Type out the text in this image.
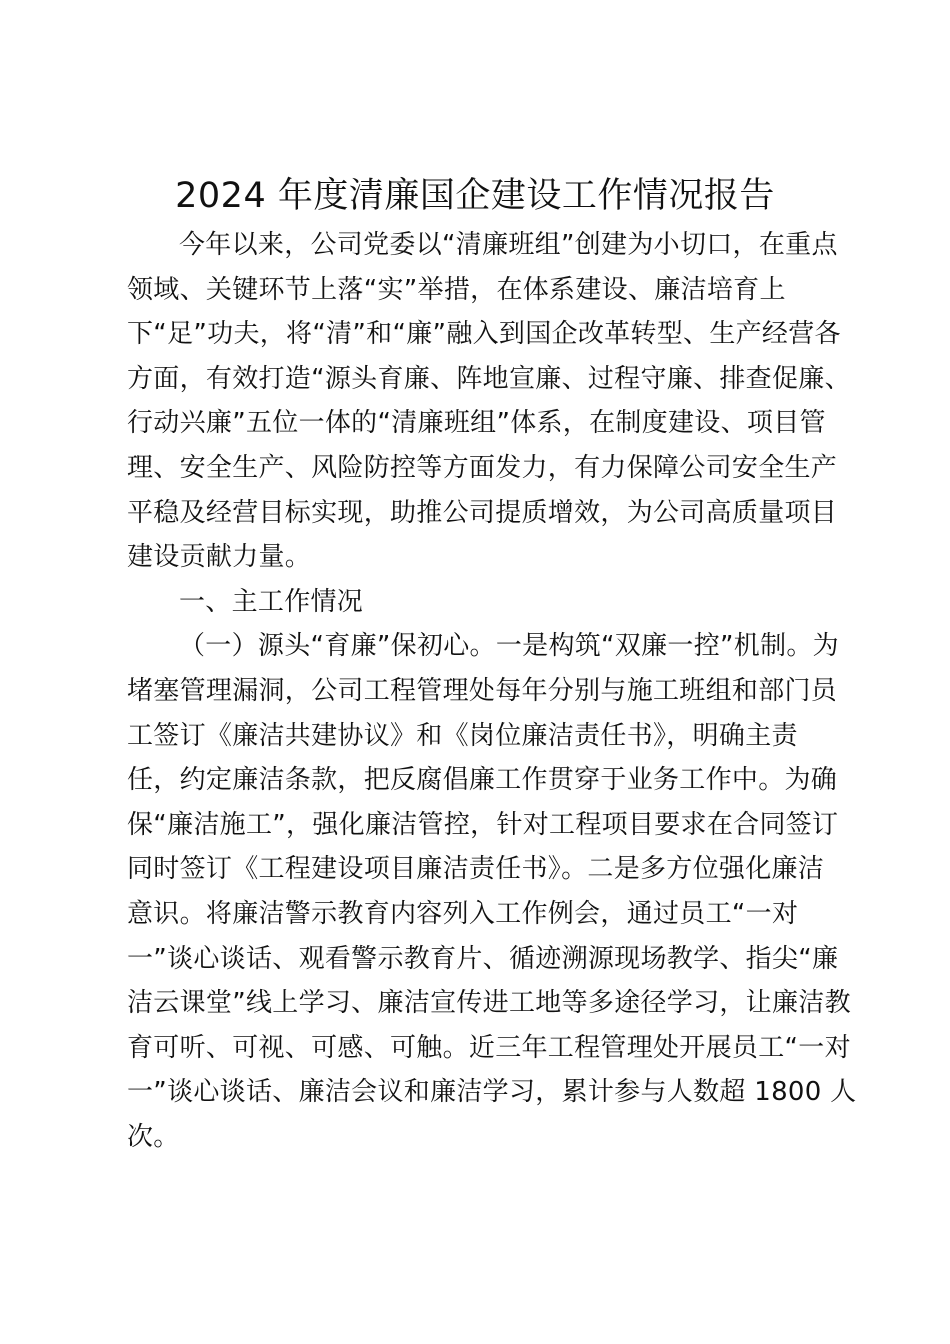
2024 年度清廉国企建设工作情况报告
今年以来，公司党委以“清廉班组”创建为小切口，在重点
领域、关键环节上落“实”举措，在体系建设、廉洁培育上
下“足”功夫，将“清”和“廉”融入到国企改革转型、生产经营各
方面，有效打造“源头育廉、阵地宣廉、过程守廉、排查促廉、
行动兴廉”五位一体的“清廉班组”体系，在制度建设、项目管
理、安全生产、风险防控等方面发力，有力保障公司安全生产
平稳及经营目标实现，助推公司提质增效，为公司高质量项目
建设贡献力量。
一、主工作情况
（一）源头“育廉”保初心。一是构筑“双廉一控”机制。为
堵塞管理漏洞，公司工程管理处每年分别与施工班组和部门员
工签订《廉洁共建协议》和《岗位廉洁责任书》，明确主责
任，约定廉洁条款，把反腐倡廉工作贯穿于业务工作中。为确
保“廉洁施工”，强化廉洁管控，针对工程项目要求在合同签订
同时签订《工程建设项目廉洁责任书》。二是多方位强化廉洁
意识。将廉洁警示教育内容列入工作例会，通过员工“一对
一”谈心谈话、观看警示教育片、循迹溯源现场教学、指尖“廉
洁云课堂”线上学习、廉洁宣传进工地等多途径学习，让廉洁教
育可听、可视、可感、可触。近三年工程管理处开展员工“一对
一”谈心谈话、廉洁会议和廉洁学习，累计参与人数超 1800 人
次。
